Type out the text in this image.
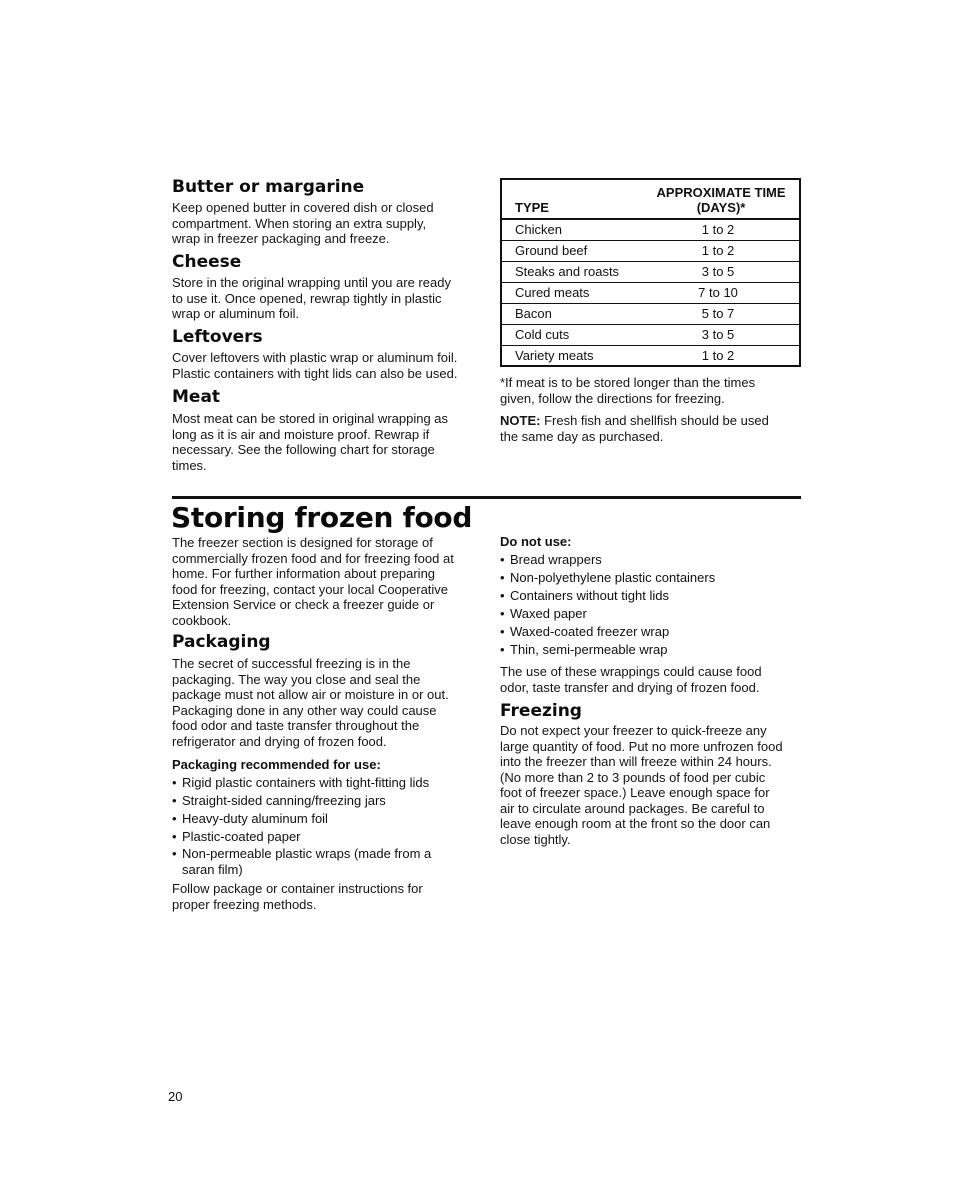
Butter or margarine
Keep opened butter in covered dish or closed
compartment. When storing an extra supply,
wrap in freezer packaging and freeze.
Cheese
Store in the original wrapping until you are ready
to use it. Once opened, rewrap tightly in plastic
wrap or aluminum foil.
Leftovers
Cover leftovers with plastic wrap or aluminum foil.
Plastic containers with tight lids can also be used.
Meat
Most meat can be stored in original wrapping as
long as it is air and moisture proof. Rewrap if
necessary. See the following chart for storage
times.
TYPE	APPROXIMATE TIME
(DAYS)*

Chicken	1 to 2
Ground beef	1 to 2
Steaks and roasts	3 to 5
Cured meats	7 to 10
Bacon	5 to 7
Cold cuts	3 to 5
Variety meats	1 to 2
*If meat is to be stored longer than the times
given, follow the directions for freezing.
NOTE: Fresh fish and shellfish should be used
the same day as purchased.
Storing frozen food
The freezer section is designed for storage of
commercially frozen food and for freezing food at
home. For further information about preparing
food for freezing, contact your local Cooperative
Extension Service or check a freezer guide or
cookbook.
Packaging
The secret of successful freezing is in the
packaging. The way you close and seal the
package must not allow air or moisture in or out.
Packaging done in any other way could cause
food odor and taste transfer throughout the
refrigerator and drying of frozen food.
Packaging recommended for use:
• Rigid plastic containers with tight-fitting lids
• Straight-sided canning/freezing jars
• Heavy-duty aluminum foil
• Plastic-coated paper
• Non-permeable plastic wraps (made from a saran film)
Follow package or container instructions for
proper freezing methods.
Do not use:
• Bread wrappers
• Non-polyethylene plastic containers
• Containers without tight lids
• Waxed paper
• Waxed-coated freezer wrap
• Thin, semi-permeable wrap
The use of these wrappings could cause food
odor, taste transfer and drying of frozen food.
Freezing
Do not expect your freezer to quick-freeze any
large quantity of food. Put no more unfrozen food
into the freezer than will freeze within 24 hours.
(No more than 2 to 3 pounds of food per cubic
foot of freezer space.) Leave enough space for
air to circulate around packages. Be careful to
leave enough room at the front so the door can
close tightly.
20
